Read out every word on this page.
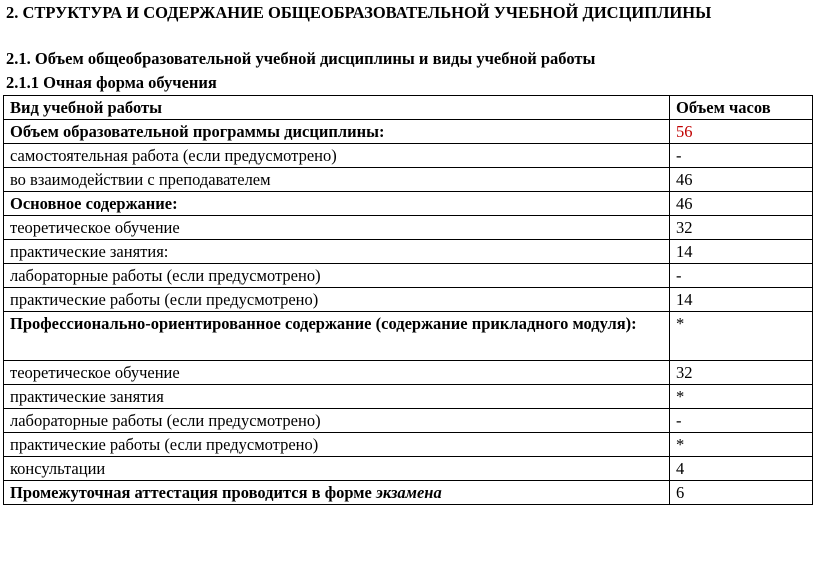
2. СТРУКТУРА И СОДЕРЖАНИЕ ОБЩЕОБРАЗОВАТЕЛЬНОЙ УЧЕБНОЙ ДИСЦИПЛИНЫ
2.1. Объем общеобразовательной учебной дисциплины и виды учебной работы
2.1.1 Очная форма обучения
Вид учебной работы	Объем часов
Объем образовательной программы дисциплины:	56
самостоятельная работа (если предусмотрено)	-
во взаимодействии с преподавателем	46
Основное содержание:	46
теоретическое обучение	32
практические занятия:	14
лабораторные работы (если предусмотрено)	-
практические работы (если предусмотрено)	14
Профессионально-ориентированное содержание (содержание прикладного модуля):	*
теоретическое обучение	32
практические занятия	*
лабораторные работы (если предусмотрено)	-
практические работы (если предусмотрено)	*
консультации	4
Промежуточная аттестация проводится в форме экзамена	6
